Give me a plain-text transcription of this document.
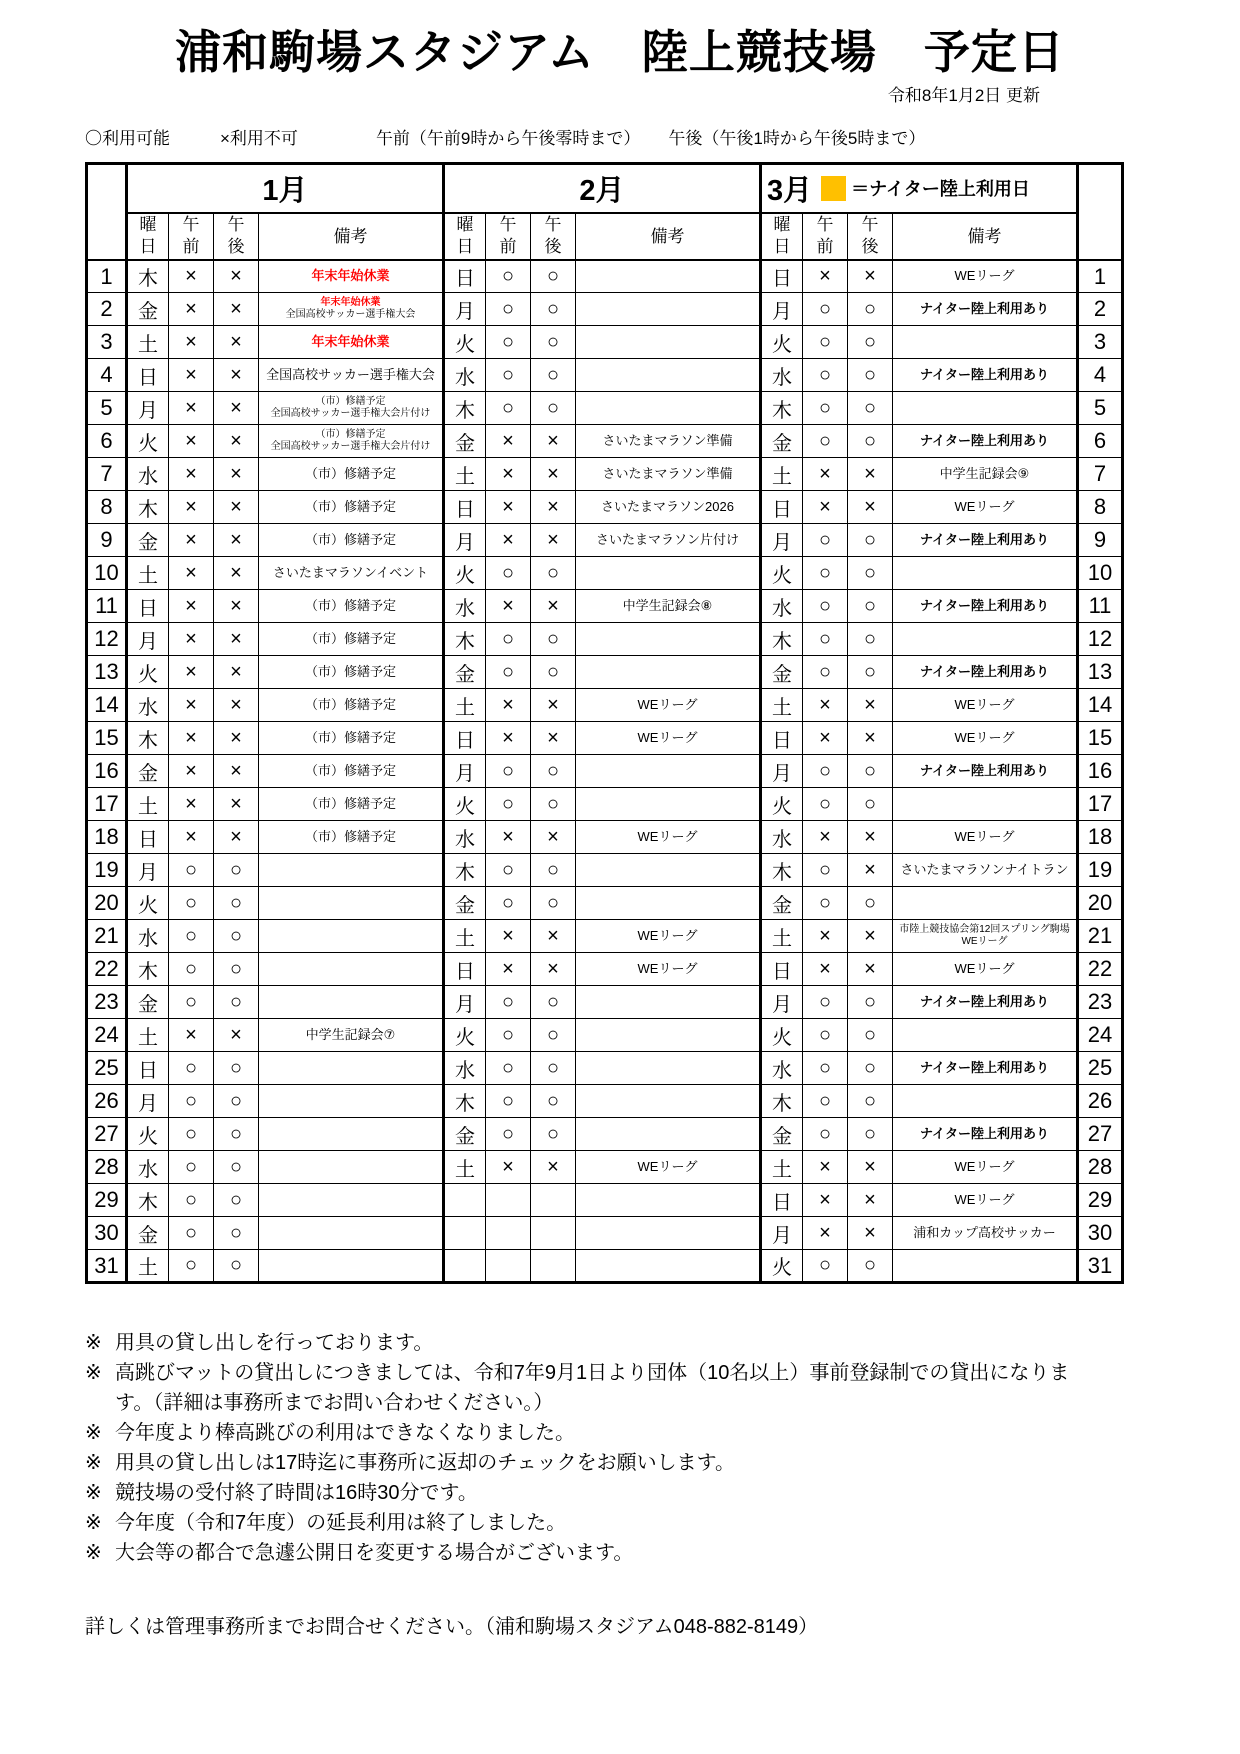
浦和駒場スタジアム　陸上競技場　予定日
令和8年1月2日 更新
〇利用可能	×利用不可	午前（午前9時から午後零時まで） 午後（午後1時から午後5時まで）
	1月				2月				3月 ＝ナイター陸上利用日				

	曜日	午前	午後	備考	曜日	午前	午後	備考	曜日	午前	午後	備考	

1	木	×	×	年末年始休業	日	○	○		日	×	×	WEリーグ	1
2	金	×	×	年末年始休業
全国高校サッカー選手権大会	月	○	○		月	○	○	ナイター陸上利用あり	2
3	土	×	×	年末年始休業	火	○	○		火	○	○		3
4	日	×	×	全国高校サッカー選手権大会	水	○	○		水	○	○	ナイター陸上利用あり	4
5	月	×	×	（市）修繕予定
全国高校サッカー選手権大会片付け	木	○	○		木	○	○		5
6	火	×	×	（市）修繕予定
全国高校サッカー選手権大会片付け	金	×	×	さいたまマラソン準備	金	○	○	ナイター陸上利用あり	6
7	水	×	×	（市）修繕予定	土	×	×	さいたまマラソン準備	土	×	×	中学生記録会⑨	7
8	木	×	×	（市）修繕予定	日	×	×	さいたまマラソン2026	日	×	×	WEリーグ	8
9	金	×	×	（市）修繕予定	月	×	×	さいたまマラソン片付け	月	○	○	ナイター陸上利用あり	9
10	土	×	×	さいたまマラソンイベント	火	○	○		火	○	○		10
11	日	×	×	（市）修繕予定	水	×	×	中学生記録会⑧	水	○	○	ナイター陸上利用あり	11
12	月	×	×	（市）修繕予定	木	○	○		木	○	○		12
13	火	×	×	（市）修繕予定	金	○	○		金	○	○	ナイター陸上利用あり	13
14	水	×	×	（市）修繕予定	土	×	×	WEリーグ	土	×	×	WEリーグ	14
15	木	×	×	（市）修繕予定	日	×	×	WEリーグ	日	×	×	WEリーグ	15
16	金	×	×	（市）修繕予定	月	○	○		月	○	○	ナイター陸上利用あり	16
17	土	×	×	（市）修繕予定	火	○	○		火	○	○		17
18	日	×	×	（市）修繕予定	水	×	×	WEリーグ	水	×	×	WEリーグ	18
19	月	○	○		木	○	○		木	○	×	さいたまマラソンナイトラン	19
20	火	○	○		金	○	○		金	○	○		20
21	水	○	○		土	×	×	WEリーグ	土	×	×	市陸上競技協会第12回スプリング駒場
WEリーグ	21
22	木	○	○		日	×	×	WEリーグ	日	×	×	WEリーグ	22
23	金	○	○		月	○	○		月	○	○	ナイター陸上利用あり	23
24	土	×	×	中学生記録会⑦	火	○	○		火	○	○		24
25	日	○	○		水	○	○		水	○	○	ナイター陸上利用あり	25
26	月	○	○		木	○	○		木	○	○		26
27	火	○	○		金	○	○		金	○	○	ナイター陸上利用あり	27
28	水	○	○		土	×	×	WEリーグ	土	×	×	WEリーグ	28
29	木	○	○						日	×	×	WEリーグ	29
30	金	○	○						月	×	×	浦和カップ高校サッカー	30
31	土	○	○						火	○	○		31
※ 用具の貸し出しを行っております。
※ 高跳びマットの貸出しにつきましては、令和7年9月1日より団体（10名以上）事前登録制での貸出になります。（詳細は事務所までお問い合わせください。）
※ 今年度より棒高跳びの利用はできなくなりました。
※ 用具の貸し出しは17時迄に事務所に返却のチェックをお願いします。
※ 競技場の受付終了時間は16時30分です。
※ 今年度（令和7年度）の延長利用は終了しました。
※ 大会等の都合で急遽公開日を変更する場合がございます。
詳しくは管理事務所までお問合せください。（浦和駒場スタジアム048-882-8149）
